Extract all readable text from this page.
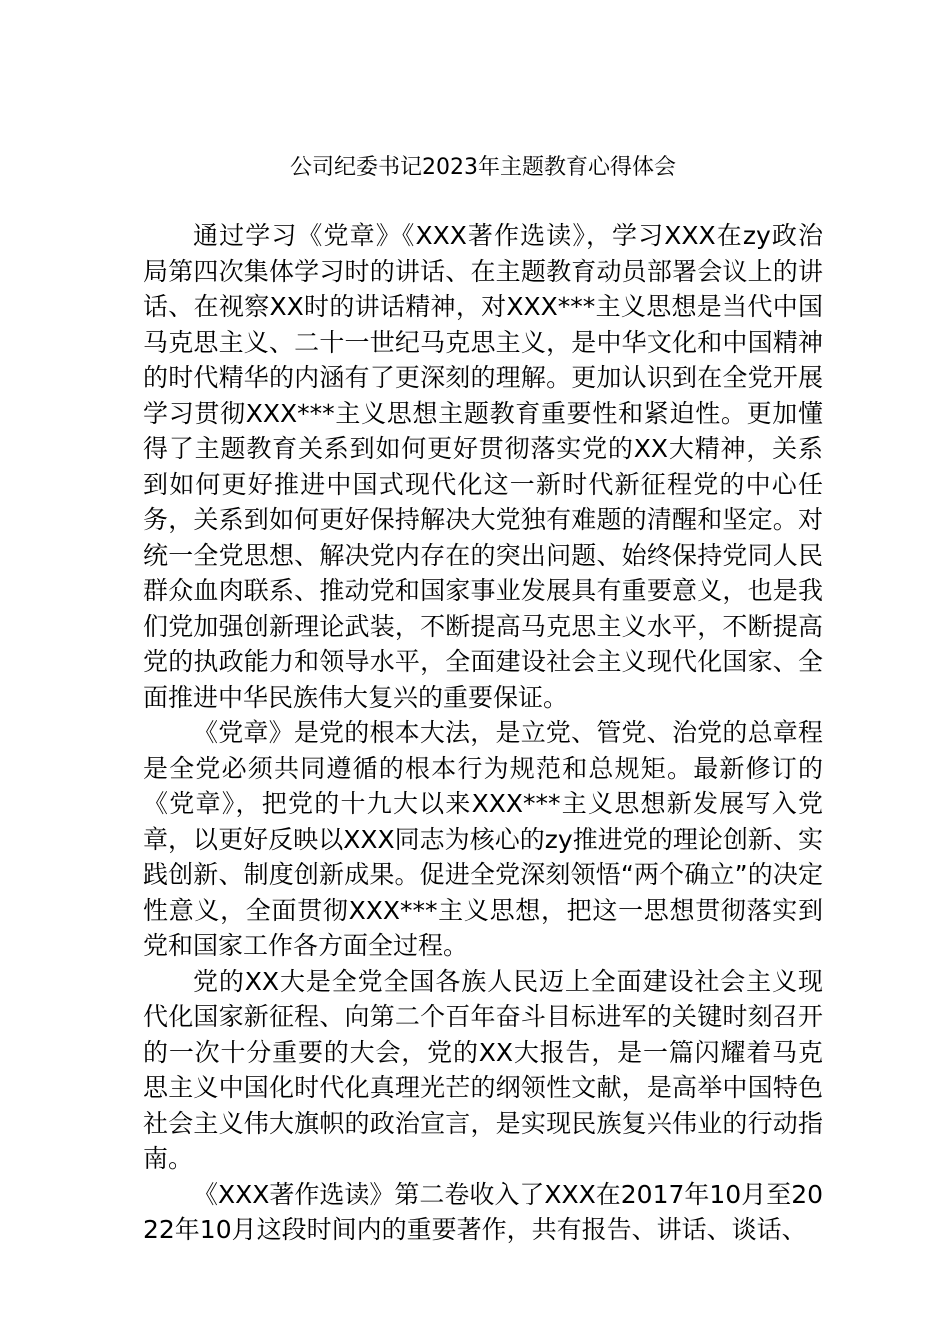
公司纪委书记2023年主题教育心得体会

通过学习《党章》《XXX著作选读》，学习XXX在zy政治局第四次集体学习时的讲话、在主题教育动员部署会议上的讲话、在视察XX时的讲话精神，对XXX***主义思想是当代中国马克思主义、二十一世纪马克思主义，是中华文化和中国精神的时代精华的内涵有了更深刻的理解。更加认识到在全党开展学习贯彻XXX***主义思想主题教育重要性和紧迫性。更加懂得了主题教育关系到如何更好贯彻落实党的XX大精神，关系到如何更好推进中国式现代化这一新时代新征程党的中心任务，关系到如何更好保持解决大党独有难题的清醒和坚定。对统一全党思想、解决党内存在的突出问题、始终保持党同人民群众血肉联系、推动党和国家事业发展具有重要意义，也是我们党加强创新理论武装，不断提高马克思主义水平，不断提高党的执政能力和领导水平，全面建设社会主义现代化国家、全面推进中华民族伟大复兴的重要保证。

《党章》是党的根本大法，是立党、管党、治党的总章程是全党必须共同遵循的根本行为规范和总规矩。最新修订的《党章》，把党的十九大以来XXX***主义思想新发展写入党章，以更好反映以XXX同志为核心的zy推进党的理论创新、实践创新、制度创新成果。促进全党深刻领悟“两个确立”的决定性意义，全面贯彻XXX***主义思想，把这一思想贯彻落实到党和国家工作各方面全过程。

党的XX大是全党全国各族人民迈上全面建设社会主义现代化国家新征程、向第二个百年奋斗目标进军的关键时刻召开的一次十分重要的大会，党的XX大报告，是一篇闪耀着马克思主义中国化时代化真理光芒的纲领性文献，是高举中国特色社会主义伟大旗帜的政治宣言，是实现民族复兴伟业的行动指南。

《XXX著作选读》第二卷收入了XXX在2017年10月至2022年10月这段时间内的重要著作，共有报告、讲话、谈话、
